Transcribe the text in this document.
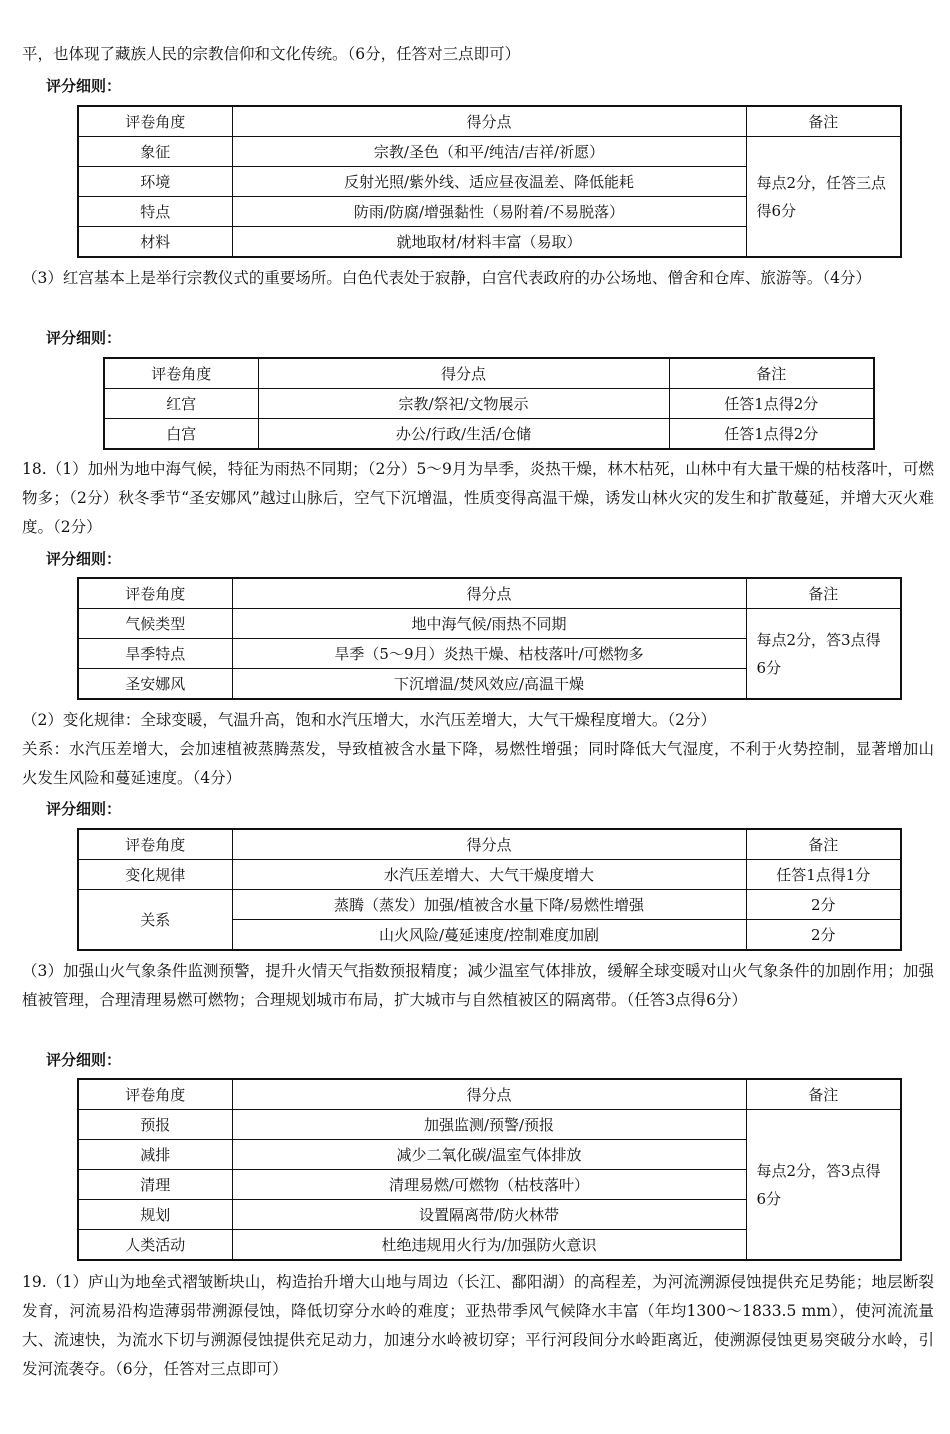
平，也体现了藏族人民的宗教信仰和文化传统。（6分，任答对三点即可）
评分细则：
评卷角度	得分点	备注
象征	宗教/圣色（和平/纯洁/吉祥/祈愿）	每点2分，任答三点得6分
环境	反射光照/紫外线、适应昼夜温差、降低能耗	
特点	防雨/防腐/增强黏性（易附着/不易脱落）	
材料	就地取材/材料丰富（易取）	
（3）红宫基本上是举行宗教仪式的重要场所。白色代表处于寂静，白宫代表政府的办公场地、僧舍和仓库、旅游等。（4分）
评分细则：
评卷角度	得分点	备注
红宫	宗教/祭祀/文物展示	任答1点得2分
白宫	办公/行政/生活/仓储	任答1点得2分
18.（1）加州为地中海气候，特征为雨热不同期；（2分）5～9月为旱季，炎热干燥，林木枯死，山林中有大量干燥的枯枝落叶，可燃物多；（2分）秋冬季节“圣安娜风”越过山脉后，空气下沉增温，性质变得高温干燥，诱发山林火灾的发生和扩散蔓延，并增大灭火难度。（2分）
评分细则：
评卷角度	得分点	备注
气候类型	地中海气候/雨热不同期	每点2分，答3点得6分
旱季特点	旱季（5～9月）炎热干燥、枯枝落叶/可燃物多	
圣安娜风	下沉增温/焚风效应/高温干燥	
（2）变化规律：全球变暖，气温升高，饱和水汽压增大，水汽压差增大，大气干燥程度增大。（2分）
关系：水汽压差增大，会加速植被蒸腾蒸发，导致植被含水量下降，易燃性增强；同时降低大气湿度，不利于火势控制，显著增加山火发生风险和蔓延速度。（4分）
评分细则：
评卷角度	得分点	备注
变化规律	水汽压差增大、大气干燥度增大	任答1点得1分
关系	蒸腾（蒸发）加强/植被含水量下降/易燃性增强	2分
	山火风险/蔓延速度/控制难度加剧	2分
（3）加强山火气象条件监测预警，提升火情天气指数预报精度；减少温室气体排放，缓解全球变暖对山火气象条件的加剧作用；加强植被管理，合理清理易燃可燃物；合理规划城市布局，扩大城市与自然植被区的隔离带。（任答3点得6分）
评分细则：
评卷角度	得分点	备注
预报	加强监测/预警/预报	每点2分，答3点得6分
减排	减少二氧化碳/温室气体排放	
清理	清理易燃/可燃物（枯枝落叶）	
规划	设置隔离带/防火林带	
人类活动	杜绝违规用火行为/加强防火意识	
19.（1）庐山为地垒式褶皱断块山，构造抬升增大山地与周边（长江、鄱阳湖）的高程差，为河流溯源侵蚀提供充足势能；地层断裂发育，河流易沿构造薄弱带溯源侵蚀，降低切穿分水岭的难度；亚热带季风气候降水丰富（年均1300～1833.5 mm），使河流流量大、流速快，为流水下切与溯源侵蚀提供充足动力，加速分水岭被切穿；平行河段间分水岭距离近，使溯源侵蚀更易突破分水岭，引发河流袭夺。（6分，任答对三点即可）
